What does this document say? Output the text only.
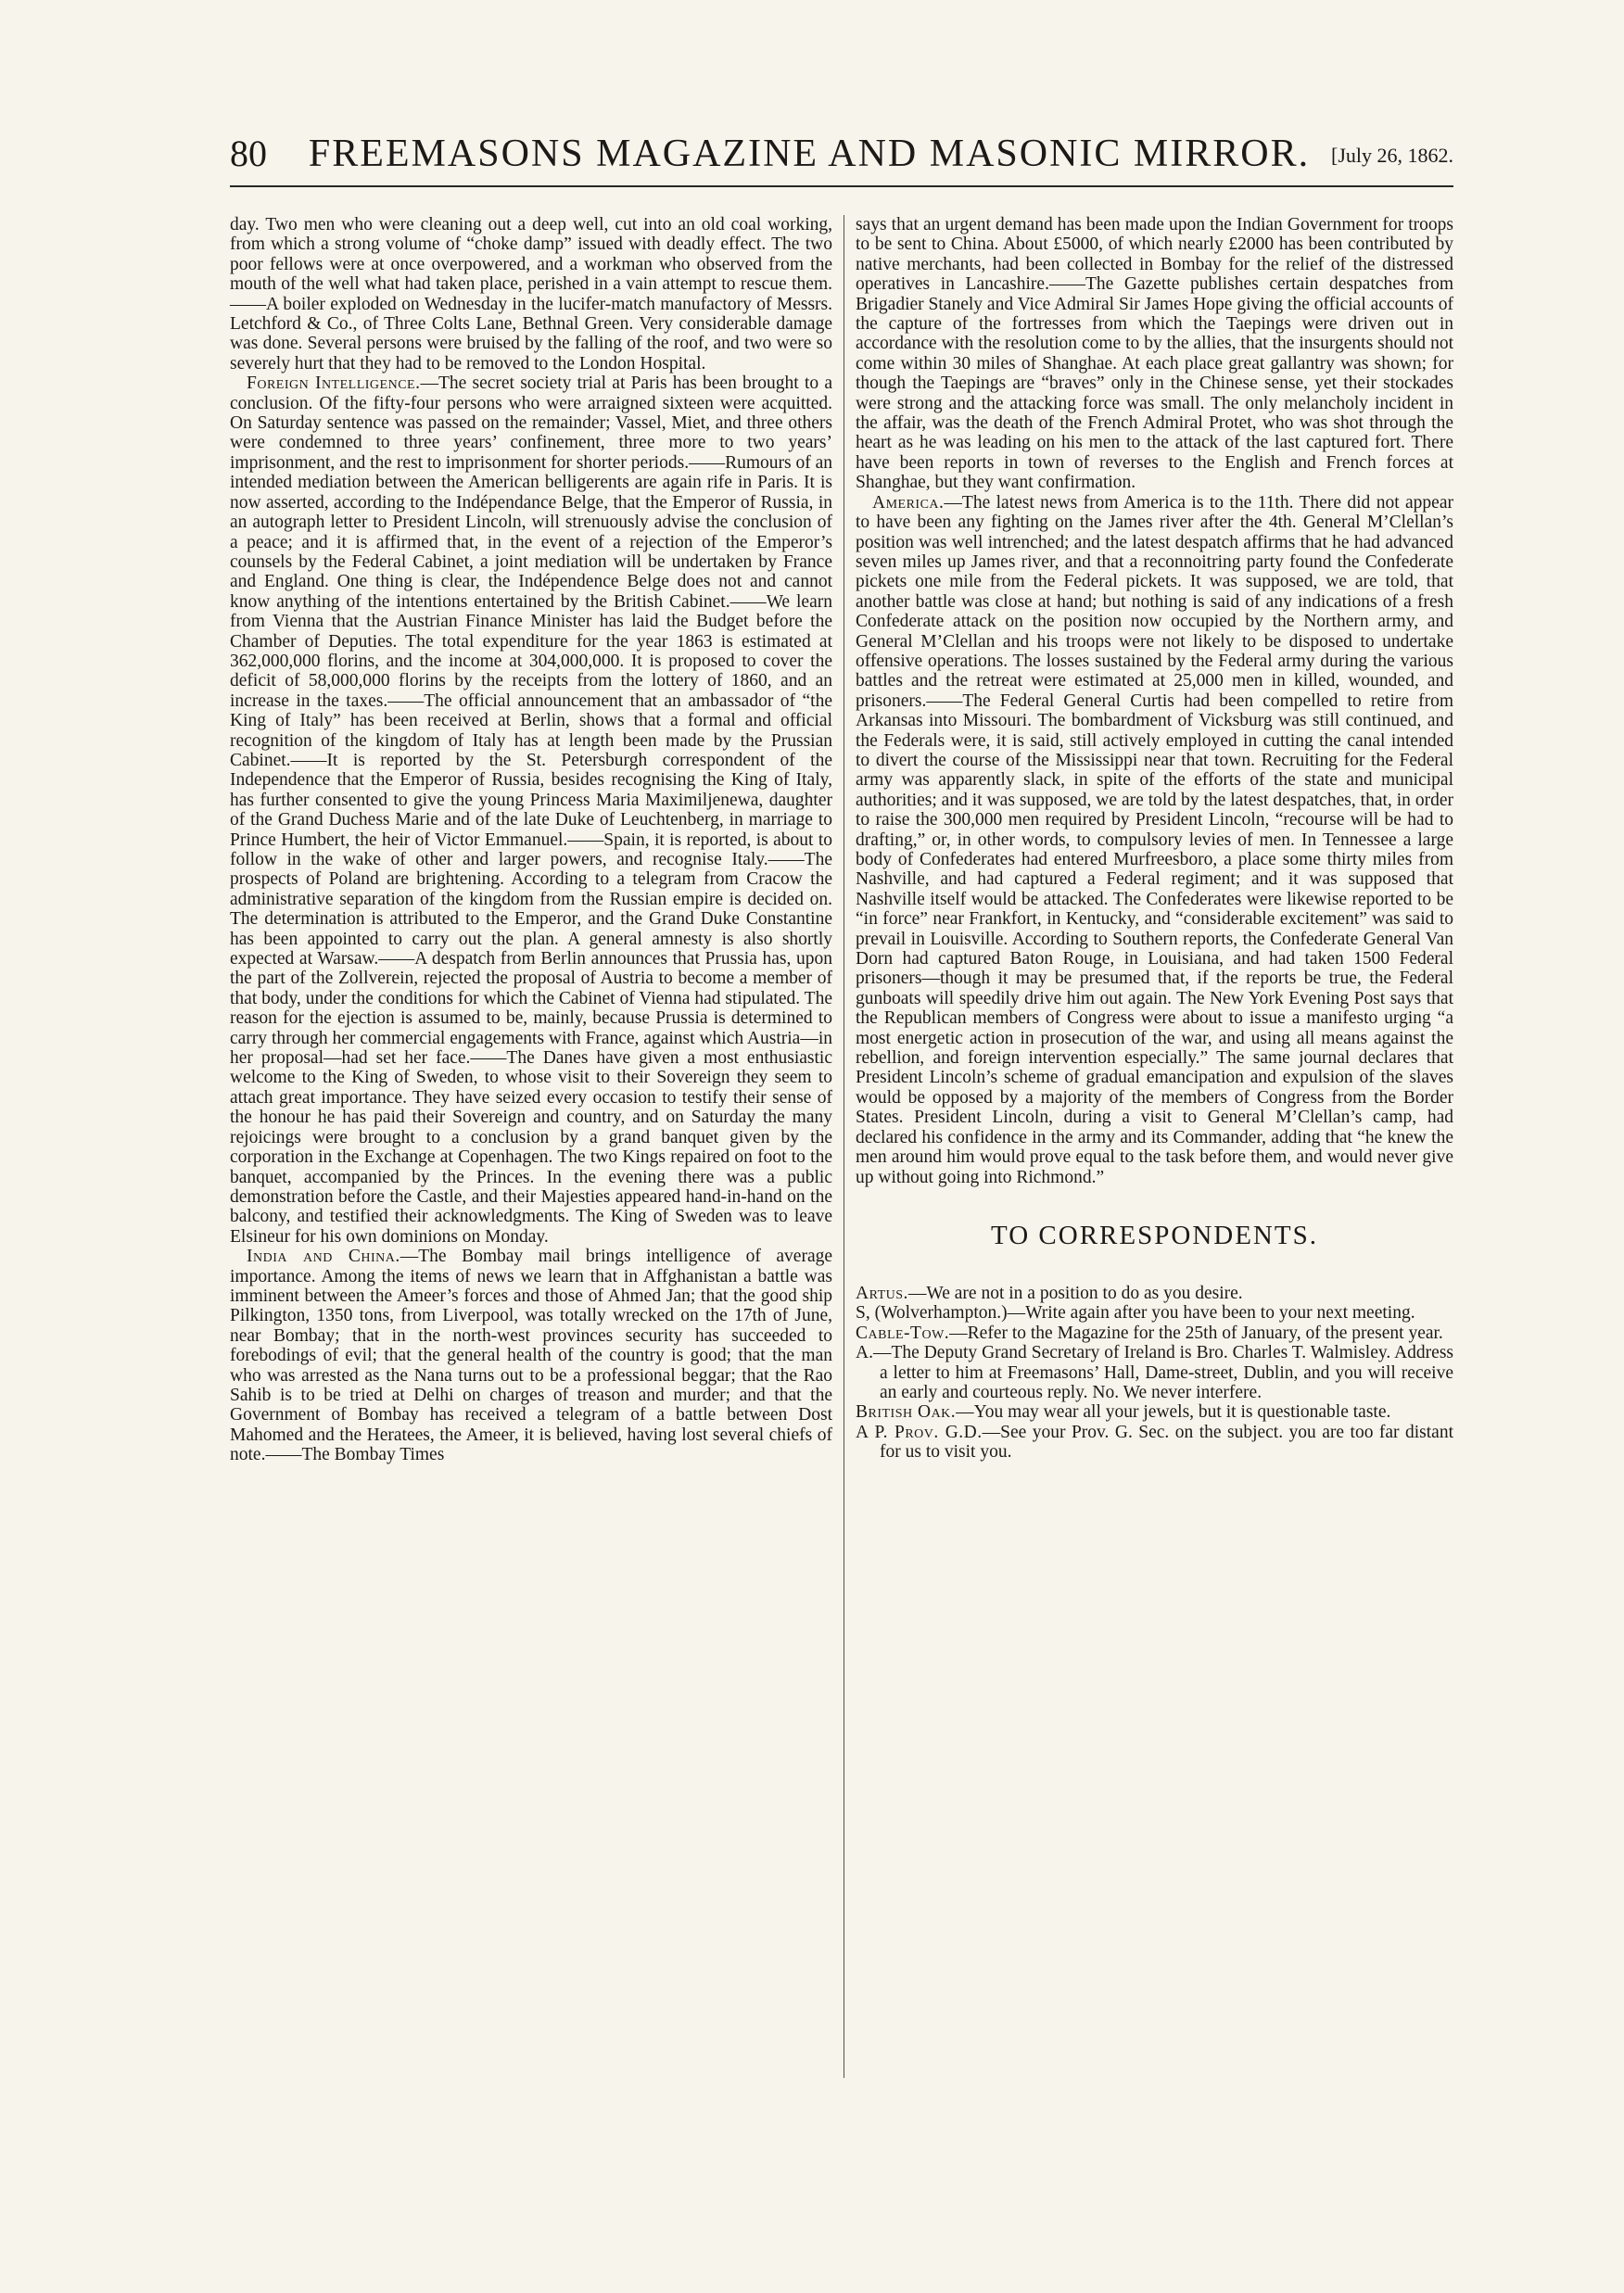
80 FREEMASONS MAGAZINE AND MASONIC MIRROR. [July 26, 1862.

day. Two men who were cleaning out a deep well, cut into an old coal working, from which a strong volume of “choke damp” issued with deadly effect. The two poor fellows were at once overpowered, and a workman who observed from the mouth of the well what had taken place, perished in a vain attempt to rescue them.——A boiler exploded on Wednesday in the lucifer-match manufactory of Messrs. Letchford & Co., of Three Colts Lane, Bethnal Green. Very considerable damage was done. Several persons were bruised by the falling of the roof, and two were so severely hurt that they had to be removed to the London Hospital.

Foreign Intelligence.—The secret society trial at Paris has been brought to a conclusion. Of the fifty-four persons who were arraigned sixteen were acquitted. On Saturday sentence was passed on the remainder; Vassel, Miet, and three others were condemned to three years’ confinement, three more to two years’ imprisonment, and the rest to imprisonment for shorter periods.——Rumours of an intended mediation between the American belligerents are again rife in Paris. It is now asserted, according to the Indépendance Belge, that the Emperor of Russia, in an autograph letter to President Lincoln, will strenuously advise the conclusion of a peace; and it is affirmed that, in the event of a rejection of the Emperor’s counsels by the Federal Cabinet, a joint mediation will be undertaken by France and England. One thing is clear, the Indépendence Belge does not and cannot know anything of the intentions entertained by the British Cabinet.——We learn from Vienna that the Austrian Finance Minister has laid the Budget before the Chamber of Deputies. The total expenditure for the year 1863 is estimated at 362,000,000 florins, and the income at 304,000,000. It is proposed to cover the deficit of 58,000,000 florins by the receipts from the lottery of 1860, and an increase in the taxes.——The official announcement that an ambassador of “the King of Italy” has been received at Berlin, shows that a formal and official recognition of the kingdom of Italy has at length been made by the Prussian Cabinet.——It is reported by the St. Petersburgh correspondent of the Independence that the Emperor of Russia, besides recognising the King of Italy, has further consented to give the young Princess Maria Maximiljenewa, daughter of the Grand Duchess Marie and of the late Duke of Leuchtenberg, in marriage to Prince Humbert, the heir of Victor Emmanuel.——Spain, it is reported, is about to follow in the wake of other and larger powers, and recognise Italy.——The prospects of Poland are brightening. According to a telegram from Cracow the administrative separation of the kingdom from the Russian empire is decided on. The determination is attributed to the Emperor, and the Grand Duke Constantine has been appointed to carry out the plan. A general amnesty is also shortly expected at Warsaw.——A despatch from Berlin announces that Prussia has, upon the part of the Zollverein, rejected the proposal of Austria to become a member of that body, under the conditions for which the Cabinet of Vienna had stipulated. The reason for the ejection is assumed to be, mainly, because Prussia is determined to carry through her commercial engagements with France, against which Austria—in her proposal—had set her face.——The Danes have given a most enthusiastic welcome to the King of Sweden, to whose visit to their Sovereign they seem to attach great importance. They have seized every occasion to testify their sense of the honour he has paid their Sovereign and country, and on Saturday the many rejoicings were brought to a conclusion by a grand banquet given by the corporation in the Exchange at Copenhagen. The two Kings repaired on foot to the banquet, accompanied by the Princes. In the evening there was a public demonstration before the Castle, and their Majesties appeared hand-in-hand on the balcony, and testified their acknowledgments. The King of Sweden was to leave Elsineur for his own dominions on Monday.

India and China.—The Bombay mail brings intelligence of average importance. Among the items of news we learn that in Affghanistan a battle was imminent between the Ameer’s forces and those of Ahmed Jan; that the good ship Pilkington, 1350 tons, from Liverpool, was totally wrecked on the 17th of June, near Bombay; that in the north-west provinces security has succeeded to forebodings of evil; that the general health of the country is good; that the man who was arrested as the Nana turns out to be a professional beggar; that the Rao Sahib is to be tried at Delhi on charges of treason and murder; and that the Government of Bombay has received a telegram of a battle between Dost Mahomed and the Heratees, the Ameer, it is believed, having lost several chiefs of note.——The Bombay Times

says that an urgent demand has been made upon the Indian Government for troops to be sent to China. About £5000, of which nearly £2000 has been contributed by native merchants, had been collected in Bombay for the relief of the distressed operatives in Lancashire.——The Gazette publishes certain despatches from Brigadier Stanely and Vice Admiral Sir James Hope giving the official accounts of the capture of the fortresses from which the Taepings were driven out in accordance with the resolution come to by the allies, that the insurgents should not come within 30 miles of Shanghae. At each place great gallantry was shown; for though the Taepings are “braves” only in the Chinese sense, yet their stockades were strong and the attacking force was small. The only melancholy incident in the affair, was the death of the French Admiral Protet, who was shot through the heart as he was leading on his men to the attack of the last captured fort. There have been reports in town of reverses to the English and French forces at Shanghae, but they want confirmation.

America.—The latest news from America is to the 11th. There did not appear to have been any fighting on the James river after the 4th. General M’Clellan’s position was well intrenched; and the latest despatch affirms that he had advanced seven miles up James river, and that a reconnoitring party found the Confederate pickets one mile from the Federal pickets. It was supposed, we are told, that another battle was close at hand; but nothing is said of any indications of a fresh Confederate attack on the position now occupied by the Northern army, and General M’Clellan and his troops were not likely to be disposed to undertake offensive operations. The losses sustained by the Federal army during the various battles and the retreat were estimated at 25,000 men in killed, wounded, and prisoners.——The Federal General Curtis had been compelled to retire from Arkansas into Missouri. The bombardment of Vicksburg was still continued, and the Federals were, it is said, still actively employed in cutting the canal intended to divert the course of the Mississippi near that town. Recruiting for the Federal army was apparently slack, in spite of the efforts of the state and municipal authorities; and it was supposed, we are told by the latest despatches, that, in order to raise the 300,000 men required by President Lincoln, “recourse will be had to drafting,” or, in other words, to compulsory levies of men. In Tennessee a large body of Confederates had entered Murfreesboro, a place some thirty miles from Nashville, and had captured a Federal regiment; and it was supposed that Nashville itself would be attacked. The Confederates were likewise reported to be “in force” near Frankfort, in Kentucky, and “considerable excitement” was said to prevail in Louisville. According to Southern reports, the Confederate General Van Dorn had captured Baton Rouge, in Louisiana, and had taken 1500 Federal prisoners—though it may be presumed that, if the reports be true, the Federal gunboats will speedily drive him out again. The New York Evening Post says that the Republican members of Congress were about to issue a manifesto urging “a most energetic action in prosecution of the war, and using all means against the rebellion, and foreign intervention especially.” The same journal declares that President Lincoln’s scheme of gradual emancipation and expulsion of the slaves would be opposed by a majority of the members of Congress from the Border States. President Lincoln, during a visit to General M’Clellan’s camp, had declared his confidence in the army and its Commander, adding that “he knew the men around him would prove equal to the task before them, and would never give up without going into Richmond.”

TO CORRESPONDENTS.

Artus.—We are not in a position to do as you desire.

S, (Wolverhampton.)—Write again after you have been to your next meeting.

Cable-Tow.—Refer to the Magazine for the 25th of January, of the present year.

A.—The Deputy Grand Secretary of Ireland is Bro. Charles T. Walmisley. Address a letter to him at Freemasons’ Hall, Dame-street, Dublin, and you will receive an early and courteous reply. No. We never interfere.

British Oak.—You may wear all your jewels, but it is questionable taste.

A P. Prov. G.D.—See your Prov. G. Sec. on the subject. you are too far distant for us to visit you.
